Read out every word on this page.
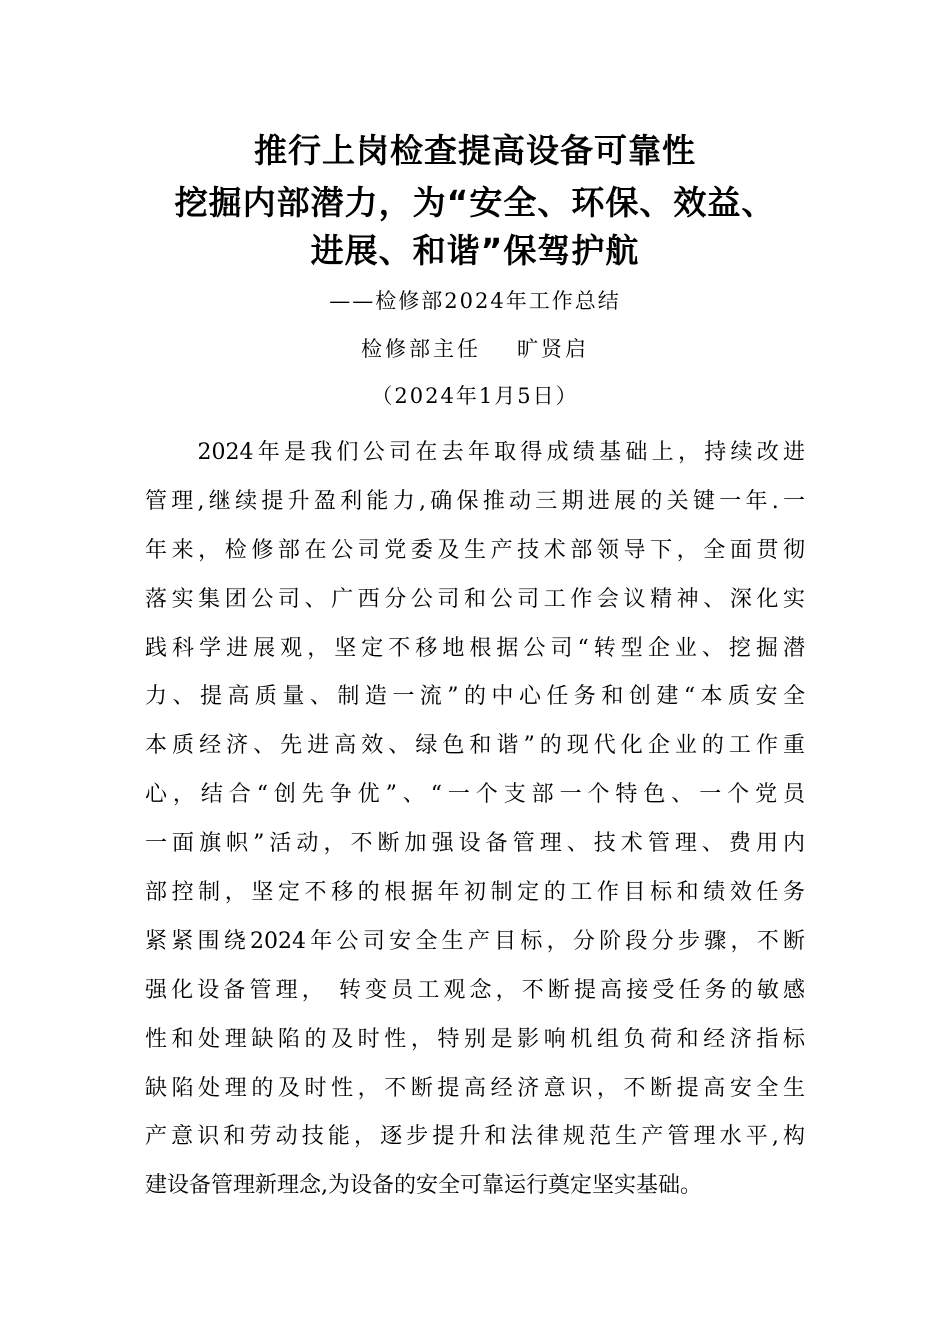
推行上岗检查提高设备可靠性
挖掘内部潜力，为“安全、环保、效益、
进展、和谐”保驾护航
——检修部2024年工作总结
检修部主任 旷贤启
（2024年1月5日）
　　2024年是我们公司在去年取得成绩基础上，持续改进
管理,继续提升盈利能力,确保推动三期进展的关键一年.一
年来，检修部在公司党委及生产技术部领导下，全面贯彻
落实集团公司、广西分公司和公司工作会议精神、深化实
践科学进展观，坚定不移地根据公司“转型企业、挖掘潜
力、提高质量、制造一流”的中心任务和创建“本质安全
本质经济、先进高效、绿色和谐”的现代化企业的工作重
心，结合“创先争优”、“一个支部一个特色、一个党员
一面旗帜”活动，不断加强设备管理、技术管理、费用内
部控制，坚定不移的根据年初制定的工作目标和绩效任务
紧紧围绕2024年公司安全生产目标，分阶段分步骤，不断
强化设备管理， 转变员工观念，不断提高接受任务的敏感
性和处理缺陷的及时性，特别是影响机组负荷和经济指标
缺陷处理的及时性，不断提高经济意识，不断提高安全生
产意识和劳动技能，逐步提升和法律规范生产管理水平,构
建设备管理新理念,为设备的安全可靠运行奠定坚实基础。
